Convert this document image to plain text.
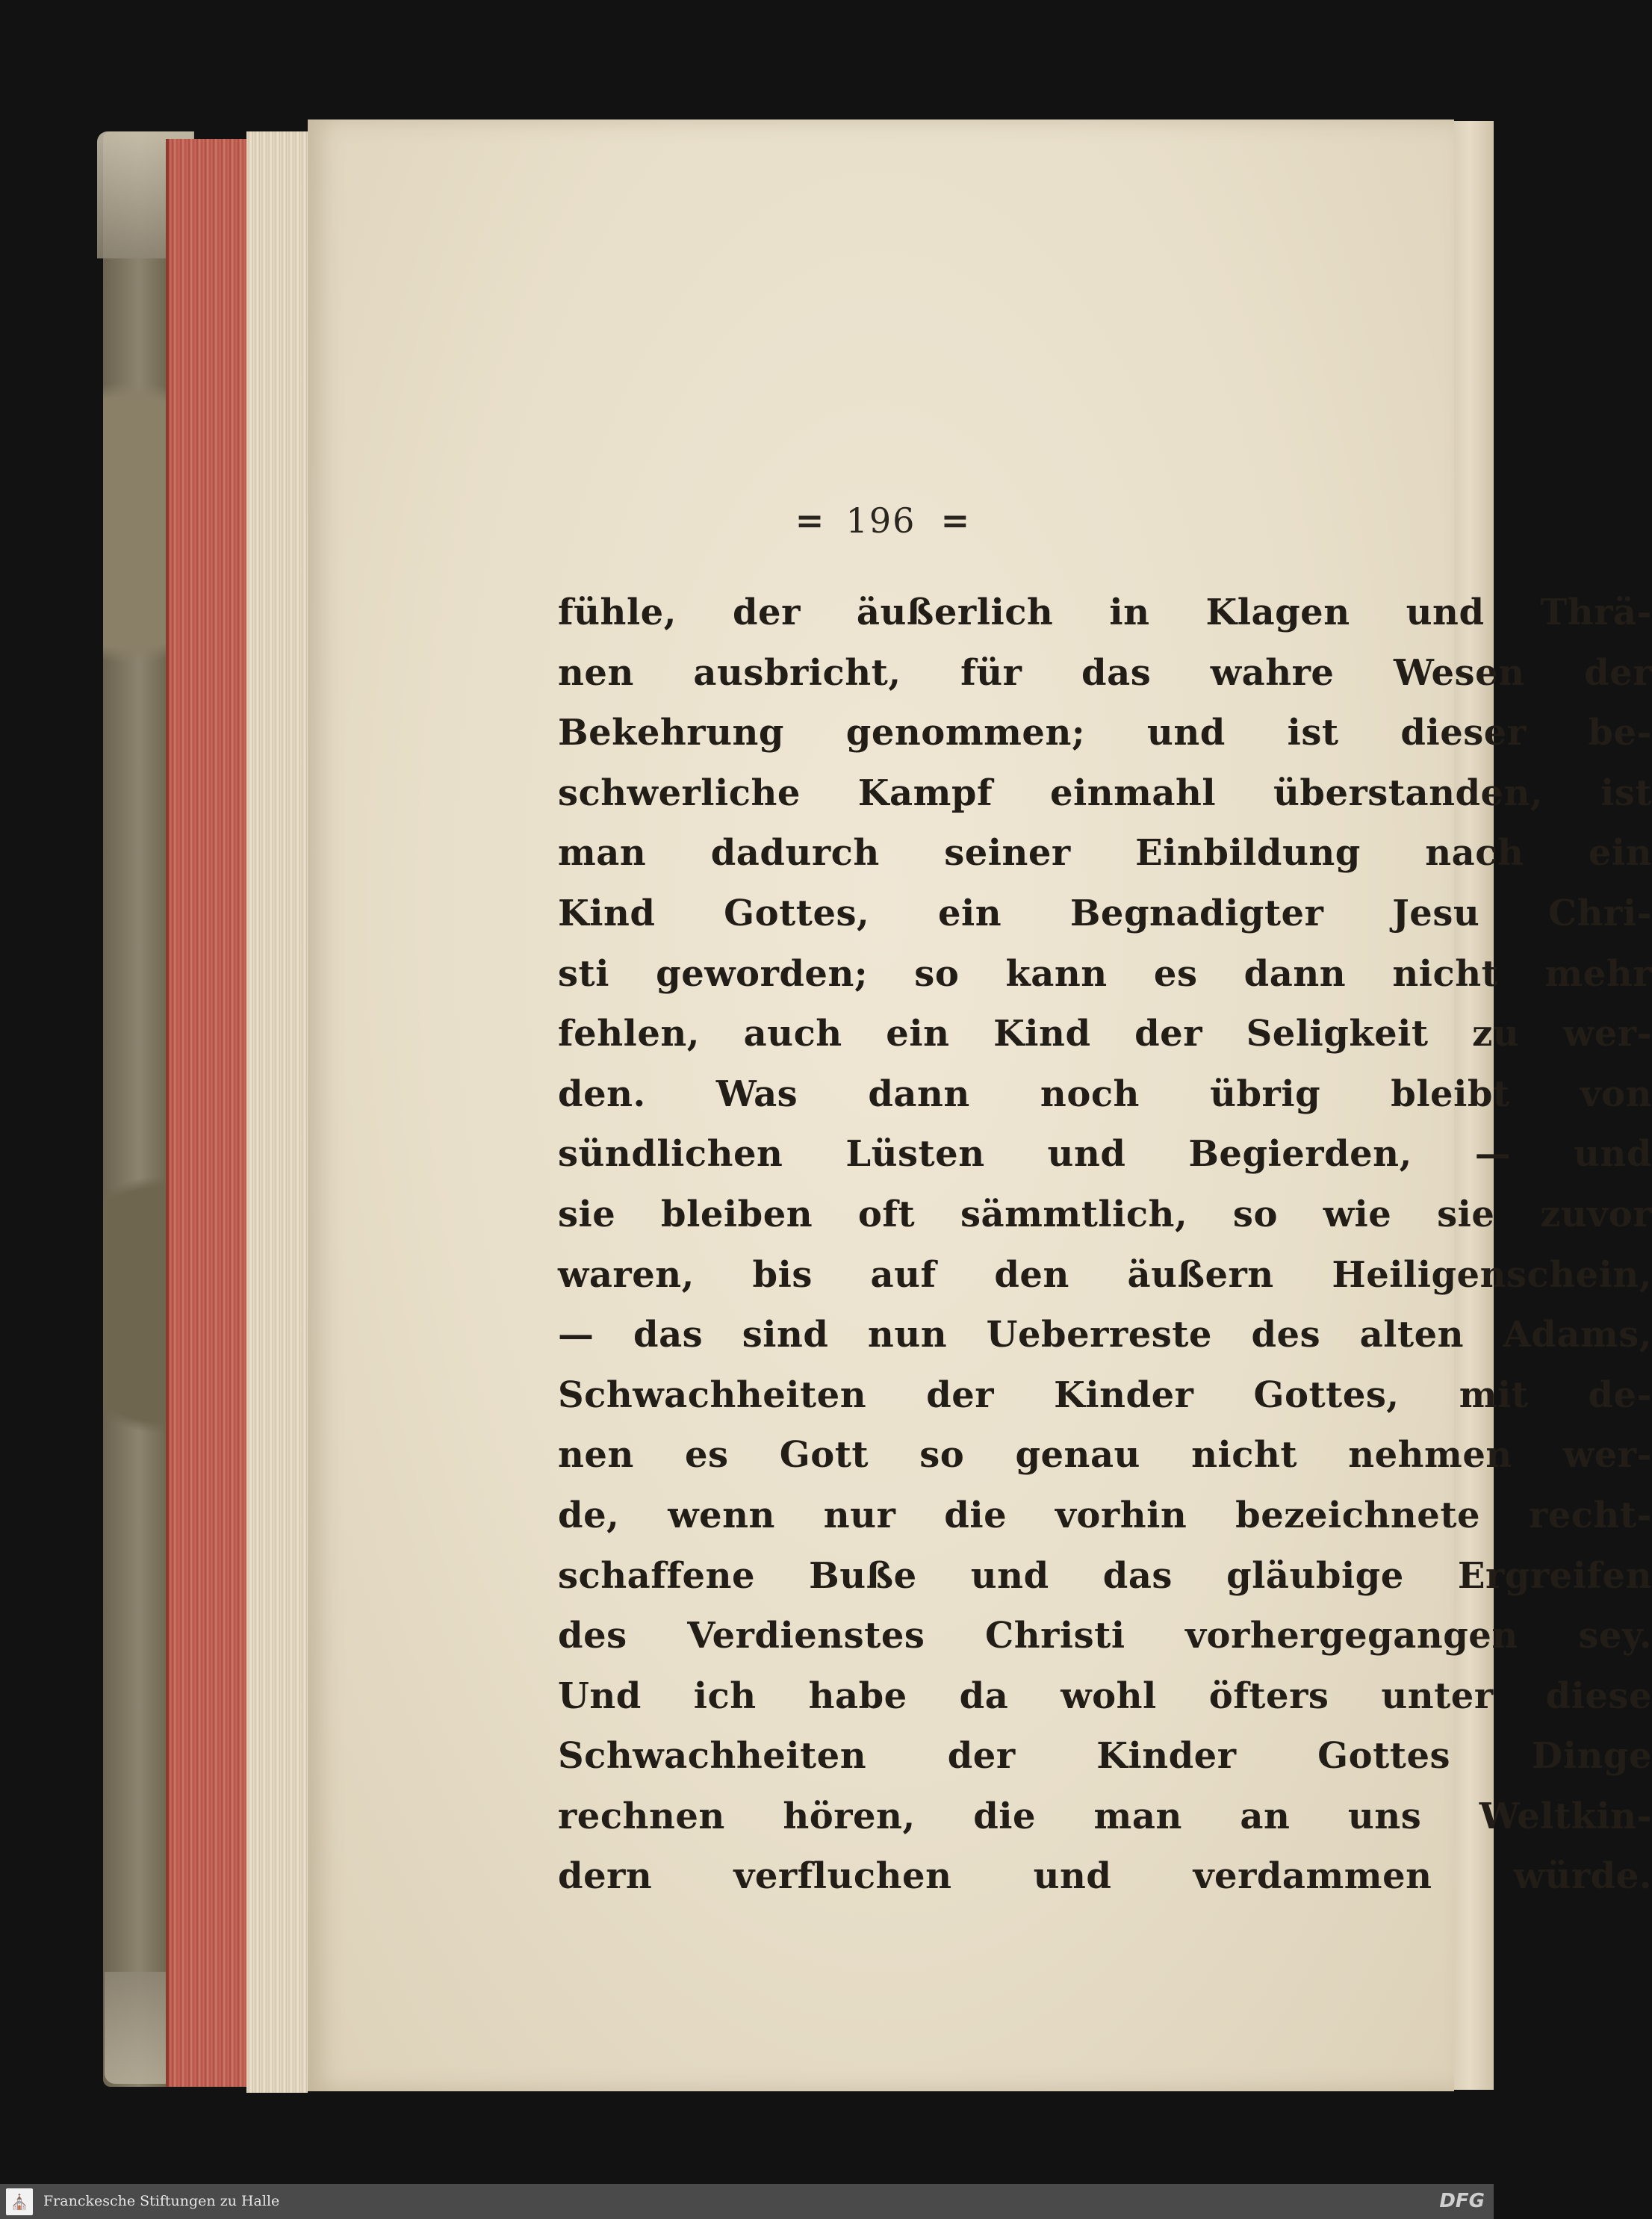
= 196 =
fühle, der äußerlich in Klagen und Thrä-
nen ausbricht, für das wahre Wesen der
Bekehrung genommen; und ist dieser be-
schwerliche Kampf einmahl überstanden, ist
man dadurch seiner Einbildung nach ein
Kind Gottes, ein Begnadigter Jesu Chri-
sti geworden; so kann es dann nicht mehr
fehlen, auch ein Kind der Seligkeit zu wer-
den. Was dann noch übrig bleibt von
sündlichen Lüsten und Begierden, — und
sie bleiben oft sämmtlich, so wie sie zuvor
waren, bis auf den äußern Heiligenschein,
— das sind nun Ueberreste des alten Adams,
Schwachheiten der Kinder Gottes, mit de-
nen es Gott so genau nicht nehmen wer-
de, wenn nur die vorhin bezeichnete recht-
schaffene Buße und das gläubige Ergreifen
des Verdienstes Christi vorhergegangen sey.
Und ich habe da wohl öfters unter diese
Schwachheiten der Kinder Gottes Dinge
rechnen hören, die man an uns Weltkin-
dern verfluchen und verdammen würde.
⛪ Franckesche Stiftungen zu Halle	DFG
